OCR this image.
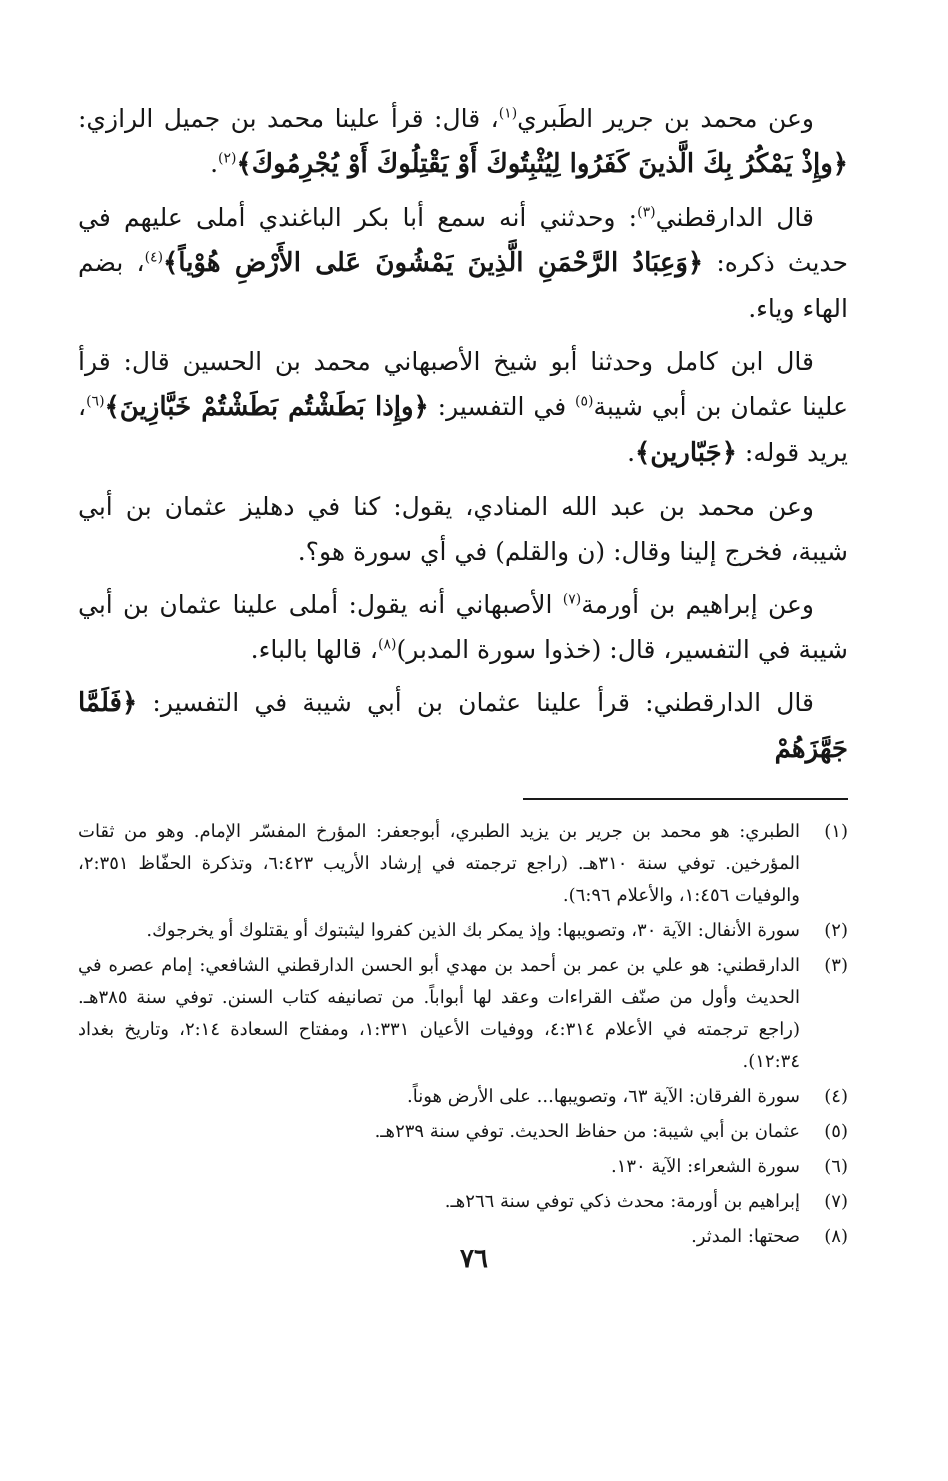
وعن محمد بن جرير الطَبري$^{(١)}$، قال: قرأ علينا محمد بن جميل الرازي: ﴿وإِذْ يَمْكُرُ بِكَ الَّذينَ كَفَرُوا لِيُثْبِتُوكَ أَوْ يَقْتِلُوكَ أَوْ يُجْرِمُوكَ﴾$^{(٢)}$.

قال الدارقطني$^{(٣)}$: وحدثني أنه سمع أبا بكر الباغندي أملى عليهم في حديث ذكره: ﴿وَعِبَادُ الرَّحْمَنِ الَّذِينَ يَمْشُونَ عَلى الأَرْضِ هُوْياً﴾$^{(٤)}$، بضم الهاء وياء.

قال ابن كامل وحدثنا أبو شيخ الأصبهاني محمد بن الحسين قال: قرأ علينا عثمان بن أبي شيبة$^{(٥)}$ في التفسير: ﴿وإِذا بَطَشْتُم بَطَشْتُمْ خَبَّازِينَ﴾$^{(٦)}$، يريد قوله: ﴿جَبّارين﴾.

وعن محمد بن عبد الله المنادي، يقول: كنا في دهليز عثمان بن أبي شيبة، فخرج إلينا وقال: (ن والقلم) في أي سورة هو؟.

وعن إبراهيم بن أورمة$^{(٧)}$ الأصبهاني أنه يقول: أملى علينا عثمان بن أبي شيبة في التفسير، قال: (خذوا سورة المدبر)$^{(٨)}$، قالها بالباء.

قال الدارقطني: قرأ علينا عثمان بن أبي شيبة في التفسير: ﴿فَلَمَّا جَهَّزَهُمْ

(١)
الطبري: هو محمد بن جرير بن يزيد الطبري، أبوجعفر: المؤرخ المفسّر الإمام. وهو من ثقات المؤرخين. توفي سنة ٣١٠هـ. (راجع ترجمته في إرشاد الأريب ٦:٤٢٣، وتذكرة الحفّاظ ٢:٣٥١، والوفيات ١:٤٥٦، والأعلام ٦:٩٦).
(٢)
سورة الأنفال: الآية ٣٠، وتصويبها: وإذ يمكر بك الذين كفروا ليثبتوك أو يقتلوك أو يخرجوك.
(٣)
الدارقطني: هو علي بن عمر بن أحمد بن مهدي أبو الحسن الدارقطني الشافعي: إمام عصره في الحديث وأول من صنّف القراءات وعقد لها أبواباً. من تصانيفه كتاب السنن. توفي سنة ٣٨٥هـ. (راجع ترجمته في الأعلام ٤:٣١٤، ووفيات الأعيان ١:٣٣١، ومفتاح السعادة ٢:١٤، وتاريخ بغداد ١٢:٣٤).
(٤)
سورة الفرقان: الآية ٦٣، وتصويبها... على الأرض هوناً.
(٥)
عثمان بن أبي شيبة: من حفاظ الحديث. توفي سنة ٢٣٩هـ.
(٦)
سورة الشعراء: الآية ١٣٠.
(٧)
إبراهيم بن أورمة: محدث ذكي توفي سنة ٢٦٦هـ.
(٨)
صحتها: المدثر.
٧٦
